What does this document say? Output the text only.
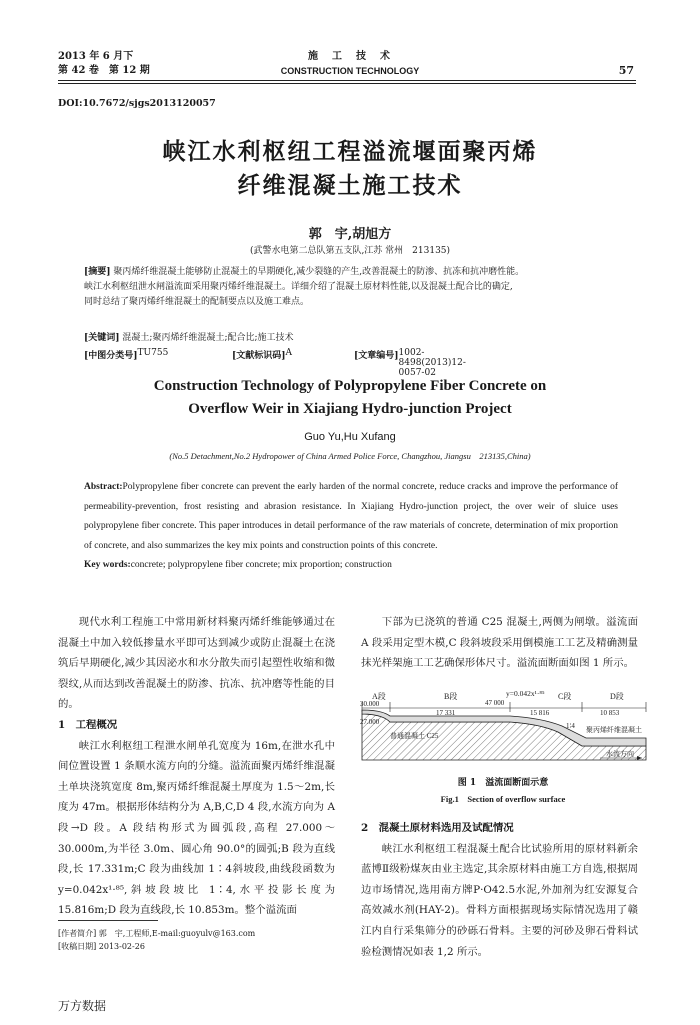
2013 年 6 月下
第 42 卷　第 12 期
施　工　技　术
CONSTRUCTION TECHNOLOGY	57
DOI:10.7672/sjgs2013120057
峡江水利枢纽工程溢流堰面聚丙烯
纤维混凝土施工技术
郭　宇,胡旭方
(武警水电第二总队第五支队,江苏 常州　213135)
[摘要] 聚丙烯纤维混凝土能够防止混凝土的早期硬化,减少裂缝的产生,改善混凝土的防渗、抗冻和抗冲磨性能。
峡江水利枢纽泄水闸溢流面采用聚丙烯纤维混凝土。详细介绍了混凝土原材料性能,以及混凝土配合比的确定,
同时总结了聚丙烯纤维混凝土的配制要点以及施工难点。
[关键词] 混凝土;聚丙烯纤维混凝土;配合比;施工技术
[中图分类号] TU755	[文献标识码] A	[文章编号] 1002-8498(2013)12-0057-02
Construction Technology of Polypropylene Fiber Concrete on
Overflow Weir in Xiajiang Hydro-junction Project
Guo Yu,Hu Xufang
(No.5 Detachment,No.2 Hydropower of China Armed Police Force, Changzhou, Jiangsu　213135,China)
Abstract:Polypropylene fiber concrete can prevent the early harden of the normal concrete, reduce cracks and improve the performance of permeability-prevention, frost resisting and abrasion resistance. In Xiajiang Hydro-junction project, the over weir of sluice uses polypropylene fiber concrete. This paper introduces in detail performance of the raw materials of concrete, determination of mix proportion of concrete, and also summarizes the key mix points and construction points of this concrete.
Key words:concrete; polypropylene fiber concrete; mix proportion; construction

现代水利工程施工中常用新材料聚丙烯纤维能够通过在混凝土中加入较低掺量水平即可达到减少或防止混凝土在浇筑后早期硬化,减少其因泌水和水分散失而引起塑性收缩和微裂纹,从而达到改善混凝土的防渗、抗冻、抗冲磨等性能的目的。

1　工程概况

峡江水利枢纽工程泄水闸单孔宽度为 16m,在泄水孔中间位置设置 1 条顺水流方向的分缝。溢流面聚丙烯纤维混凝土单块浇筑宽度 8m,聚丙烯纤维混凝土厚度为 1.5～2m,长度为 47m。根据形体结构分为 A,B,C,D 4 段,水流方向为 A 段→D 段。A 段结构形式为圆弧段,高程 27.000～30.000m,为半径 3.0m、圆心角 90.0°的圆弧;B 段为直线段,长 17.331m;C 段为曲线加 1∶4斜坡段,曲线段函数为 y=0.042x¹·⁸⁵,斜坡段坡比 1∶4,水平投影长度为 15.816m;D 段为直线段,长 10.853m。整个溢流面

下部为已浇筑的普通 C25 混凝土,两侧为闸墩。溢流面 A 段采用定型木模,C 段斜坡段采用倒模施工工艺及精确测量抹光样架施工工艺确保形体尺寸。溢流面断面如图 1 所示。

y=0.042x¹·⁸⁵
A段	B段	C段	D段
30.000
27.000
47 000
17 331	15 816	10 853
1∶4 聚丙烯纤维混凝土
普通混凝土 C25
水流方向
图 1　溢流面断面示意
Fig.1　Section of overflow surface
2　混凝土原材料选用及试配情况

峡江水利枢纽工程混凝土配合比试验所用的原材料新余蓝博Ⅱ级粉煤灰由业主选定,其余原材料由施工方自选,根据周边市场情况,选用南方牌P·O42.5水泥,外加剂为红安源复合高效减水剂(HAY-2)。骨料方面根据现场实际情况选用了赣江内自行采集筛分的砂砾石骨料。主要的河砂及卵石骨料试验检测情况如表 1,2 所示。

[作者简介] 郭　宇,工程师,E-mail:guoyulv@163.com
[收稿日期] 2013-02-26
万方数据
